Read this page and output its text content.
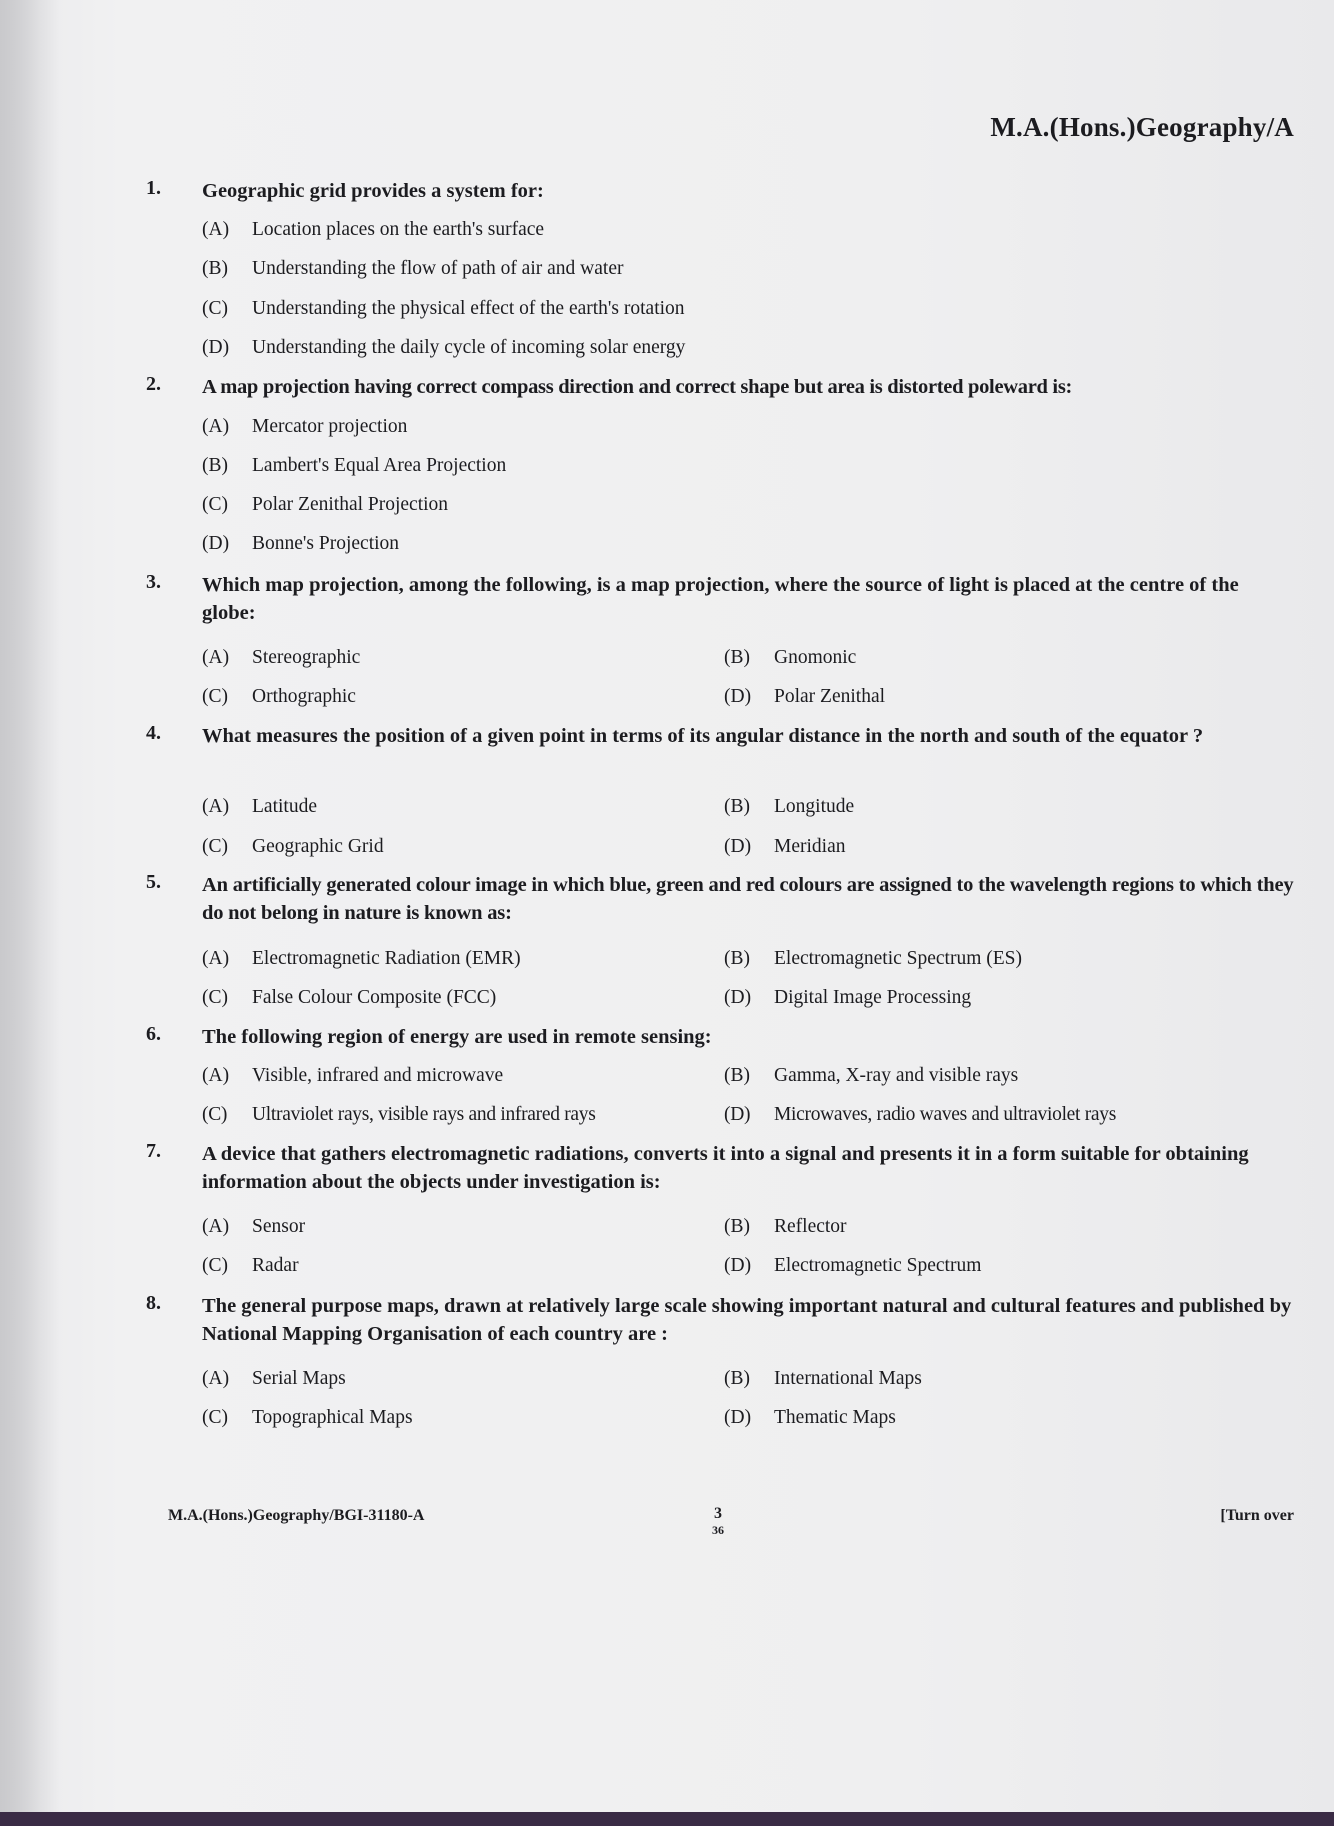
M.A.(Hons.)Geography/A
1. Geographic grid provides a system for:
(A) Location places on the earth's surface
(B) Understanding the flow of path of air and water
(C) Understanding the physical effect of the earth's rotation
(D) Understanding the daily cycle of incoming solar energy
2. A map projection having correct compass direction and correct shape but area is distorted poleward is:
(A) Mercator projection
(B) Lambert's Equal Area Projection
(C) Polar Zenithal Projection
(D) Bonne's Projection
3. Which map projection, among the following, is a map projection, where the source of light is placed at the centre of the globe:
(A) Stereographic	(B) Gnomonic
(C) Orthographic	(D) Polar Zenithal
4. What measures the position of a given point in terms of its angular distance in the north and south of the equator ?
(A) Latitude	(B) Longitude
(C) Geographic Grid	(D) Meridian
5. An artificially generated colour image in which blue, green and red colours are assigned to the wavelength regions to which they do not belong in nature is known as:
(A) Electromagnetic Radiation (EMR)	(B) Electromagnetic Spectrum (ES)
(C) False Colour Composite (FCC)	(D) Digital Image Processing
6. The following region of energy are used in remote sensing:
(A) Visible, infrared and microwave	(B) Gamma, X-ray and visible rays
(C) Ultraviolet rays, visible rays and infrared rays	(D) Microwaves, radio waves and ultraviolet rays
7. A device that gathers electromagnetic radiations, converts it into a signal and presents it in a form suitable for obtaining information about the objects under investigation is:
(A) Sensor	(B) Reflector
(C) Radar	(D) Electromagnetic Spectrum
8. The general purpose maps, drawn at relatively large scale showing important natural and cultural features and published by National Mapping Organisation of each country are :
(A) Serial Maps	(B) International Maps
(C) Topographical Maps	(D) Thematic Maps
M.A.(Hons.)Geography/BGI-31180-A	3
36
[Turn over
